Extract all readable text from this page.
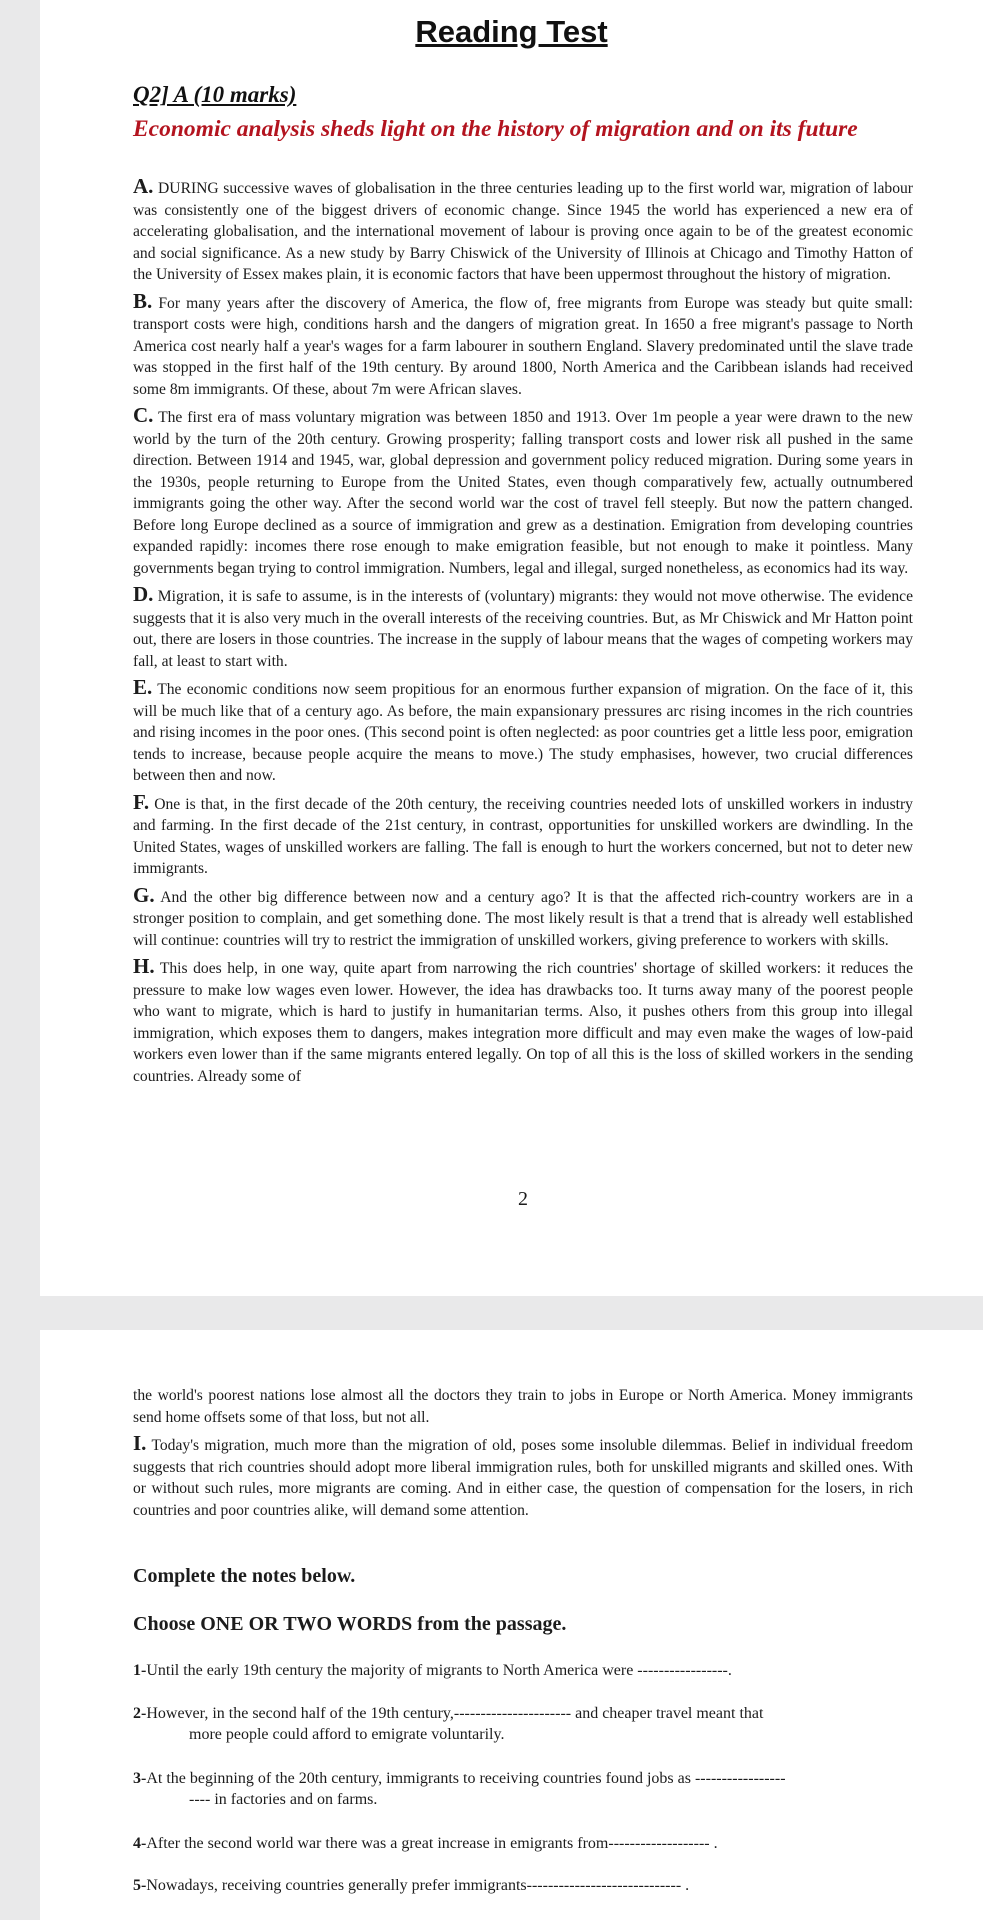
Reading Test
Q2] A (10 marks)
Economic analysis sheds light on the history of migration and on its future

A. DURING successive waves of globalisation in the three centuries leading up to the first world war, migration of labour was consistently one of the biggest drivers of economic change. Since 1945 the world has experienced a new era of accelerating globalisation, and the international movement of labour is proving once again to be of the greatest economic and social significance. As a new study by Barry Chiswick of the University of Illinois at Chicago and Timothy Hatton of the University of Essex makes plain, it is economic factors that have been uppermost throughout the history of migration.

B. For many years after the discovery of America, the flow of, free migrants from Europe was steady but quite small: transport costs were high, conditions harsh and the dangers of migration great. In 1650 a free migrant's passage to North America cost nearly half a year's wages for a farm labourer in southern England. Slavery predominated until the slave trade was stopped in the first half of the 19th century. By around 1800, North America and the Caribbean islands had received some 8m immigrants. Of these, about 7m were African slaves.

C. The first era of mass voluntary migration was between 1850 and 1913. Over 1m people a year were drawn to the new world by the turn of the 20th century. Growing prosperity; falling transport costs and lower risk all pushed in the same direction. Between 1914 and 1945, war, global depression and government policy reduced migration. During some years in the 1930s, people returning to Europe from the United States, even though comparatively few, actually outnumbered immigrants going the other way. After the second world war the cost of travel fell steeply. But now the pattern changed. Before long Europe declined as a source of immigration and grew as a destination. Emigration from developing countries expanded rapidly: incomes there rose enough to make emigration feasible, but not enough to make it pointless. Many governments began trying to control immigration. Numbers, legal and illegal, surged nonetheless, as economics had its way.

D. Migration, it is safe to assume, is in the interests of (voluntary) migrants: they would not move otherwise. The evidence suggests that it is also very much in the overall interests of the receiving countries. But, as Mr Chiswick and Mr Hatton point out, there are losers in those countries. The increase in the supply of labour means that the wages of competing workers may fall, at least to start with.

E. The economic conditions now seem propitious for an enormous further expansion of migration. On the face of it, this will be much like that of a century ago. As before, the main expansionary pressures arc rising incomes in the rich countries and rising incomes in the poor ones. (This second point is often neglected: as poor countries get a little less poor, emigration tends to increase, because people acquire the means to move.) The study emphasises, however, two crucial differences between then and now.

F. One is that, in the first decade of the 20th century, the receiving countries needed lots of unskilled workers in industry and farming. In the first decade of the 21st century, in contrast, opportunities for unskilled workers are dwindling. In the United States, wages of unskilled workers are falling. The fall is enough to hurt the workers concerned, but not to deter new immigrants.

G. And the other big difference between now and a century ago? It is that the affected rich-country workers are in a stronger position to complain, and get something done. The most likely result is that a trend that is already well established will continue: countries will try to restrict the immigration of unskilled workers, giving preference to workers with skills.

H. This does help, in one way, quite apart from narrowing the rich countries' shortage of skilled workers: it reduces the pressure to make low wages even lower. However, the idea has drawbacks too. It turns away many of the poorest people who want to migrate, which is hard to justify in humanitarian terms. Also, it pushes others from this group into illegal immigration, which exposes them to dangers, makes integration more difficult and may even make the wages of low-paid workers even lower than if the same migrants entered legally. On top of all this is the loss of skilled workers in the sending countries. Already some of

2

the world's poorest nations lose almost all the doctors they train to jobs in Europe or North America. Money immigrants send home offsets some of that loss, but not all.

I. Today's migration, much more than the migration of old, poses some insoluble dilemmas. Belief in individual freedom suggests that rich countries should adopt more liberal immigration rules, both for unskilled migrants and skilled ones. With or without such rules, more migrants are coming. And in either case, the question of compensation for the losers, in rich countries and poor countries alike, will demand some attention.

Complete the notes below.
Choose ONE OR TWO WORDS from the passage.
1-Until the early 19th century the majority of migrants to North America were -----------------.
2-However, in the second half of the 19th century,---------------------- and cheaper travel meant that
more people could afford to emigrate voluntarily.
3-At the beginning of the 20th century, immigrants to receiving countries found jobs as -----------------
---- in factories and on farms.
4-After the second world war there was a great increase in emigrants from------------------- .
5-Nowadays, receiving countries generally prefer immigrants----------------------------- .
